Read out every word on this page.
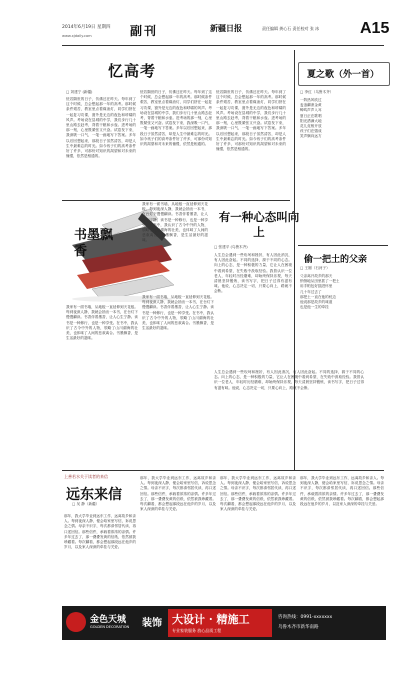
2014年6月19日 星期四 副刊	新疆日报	责任编辑 龚心石 责任校对 张 冰	A15
www.xjdaily.com
忆高考
□ 刘建宁 (新疆)
恍若隔世的日子，仿佛还在昨天。每年到了这个时候，总会想起那一年的高考。那时候条件艰苦，教室里点着煤油灯，同学们挤在一起复习功课，窗外是无边的夜色和呼啸的风声。考场设在县城的中学，我们步行几十里山路去赶考，背着干粮和水壶。进考场的那一刻，心里既紧张又兴奋。试卷发下来，我深吸一口气，一笔一画地写下答案。多年以后回想起来，那段日子虽然清苦，却是人生中最难忘的时光。如今孩子们的高考条件好了许多，可那份对知识的渴望和对未来的憧憬，依然是相通的。
恍若隔世的日子，仿佛还在昨天。每年到了这个时候，总会想起那一年的高考。那时候条件艰苦，教室里点着煤油灯，同学们挤在一起复习功课，窗外是无边的夜色和呼啸的风声。考场设在县城的中学，我们步行几十里山路去赶考，背着干粮和水壶。进考场的那一刻，心里既紧张又兴奋。试卷发下来，我深吸一口气，一笔一画地写下答案。多年以后回想起来，那段日子虽然清苦，却是人生中最难忘的时光。如今孩子们的高考条件好了许多，可那份对知识的渴望和对未来的憧憬，依然是相通的。
恍若隔世的日子，仿佛还在昨天。每年到了这个时候，总会想起那一年的高考。那时候条件艰苦，教室里点着煤油灯，同学们挤在一起复习功课，窗外是无边的夜色和呼啸的风声。考场设在县城的中学，我们步行几十里山路去赶考，背着干粮和水壶。进考场的那一刻，心里既紧张又兴奋。试卷发下来，我深吸一口气，一笔一画地写下答案。多年以后回想起来，那段日子虽然清苦，却是人生中最难忘的时光。如今孩子们的高考条件好了许多，可那份对知识的渴望和对未来的憧憬，依然是相通的。
书墨飘香
我家有一面书墙，从地板一直延伸到天花板。每到夜深人静，我就会抽出一本书，在台灯下慢慢翻读。书香伴着墨香，让人心生宁静。读书是一种修行，也是一种享受。在书中，我认识了古今中外的人物，领略了山川湖海的壮美，也体味了人间的悲欢离合。书墨飘香，是生活最好的滋味。
我家有一面书墙，从地板一直延伸到天花板。每到夜深人静，我就会抽出一本书，在台灯下慢慢翻读。书香伴着墨香，让人心生宁静。读书是一种修行，也是一种享受。在书中，我认识了古今中外的人物，领略了山川湖海的壮美，也体味了人间的悲欢离合。书墨飘香，是生活最好的滋味。
我家有一面书墙，从地板一直延伸到天花板。每到夜深人静，我就会抽出一本书，在台灯下慢慢翻读。书香伴着墨香，让人心生宁静。读书是一种修行，也是一种享受。在书中，我认识了古今中外的人物，领略了山川湖海的壮美，也体味了人间的悲欢离合。书墨飘香，是生活最好的滋味。
有一种心态叫向上
□ 张建平 (乌鲁木齐)
人生总会遇到一些坎坷和挫折，有人因此消沉，有人因此奋起。不同的选择，源于不同的心态。向上的心态，是一种积极的力量，它让人在困境中看到希望，在失败中汲取经验。我曾认识一位老人，年轻时历经磨难，却始终保持乐观，每天清晨坚持锻炼，读书写字，把日子过得有滋有味。他说，心态决定一切，只要心向上，路就不会断。
人生总会遇到一些坎坷和挫折，有人因此消沉，有人因此奋起。不同的选择，源于不同的心态。向上的心态，是一种积极的力量，它让人在困境中看到希望，在失败中汲取经验。我曾认识一位老人，年轻时历经磨难，却始终保持乐观，每天清晨坚持锻炼，读书写字，把日子过得有滋有味。他说，心态决定一切，只要心向上，路就不会断。
夏之歌（外一首）
□ 李红（乌鲁木齐）
一阵热风吹过
麦浪翻滚金黄
蝉鸣声声入耳
夏日正在歌唱
阳光洒满大地
花儿竞相开放
孩子们在嬉戏
笑声飘向远方
偷一把土的父亲
□ 王刚（石河子）
父亲离开故乡的那天
悄悄地从田里抓了一把土
用手帕包好揣进怀里
几十年过去了
那把土一直在他的枕边
他说那是故乡的味道
也是他一生的牵挂
上善若水关于读者的来信
远东来信
□ 吴 静（新疆）
那年，我大学毕业到远东工作，远离故乡和亲人。每到夜深人静，便会给家里写信，诉说思念之情。母亲不识字，每次都请邻居代读，再口述回信。那些信件，承载着浓浓的亲情。许多年过去了，那一叠叠发黄的信纸，依然被我珍藏着。每次翻看，都会想起那段远在他乡的岁月，以及家人深深的牵挂与关爱。
那年，我大学毕业到远东工作，远离故乡和亲人。每到夜深人静，便会给家里写信，诉说思念之情。母亲不识字，每次都请邻居代读，再口述回信。那些信件，承载着浓浓的亲情。许多年过去了，那一叠叠发黄的信纸，依然被我珍藏着。每次翻看，都会想起那段远在他乡的岁月，以及家人深深的牵挂与关爱。
那年，我大学毕业到远东工作，远离故乡和亲人。每到夜深人静，便会给家里写信，诉说思念之情。母亲不识字，每次都请邻居代读，再口述回信。那些信件，承载着浓浓的亲情。许多年过去了，那一叠叠发黄的信纸，依然被我珍藏着。每次翻看，都会想起那段远在他乡的岁月，以及家人深深的牵挂与关爱。
那年，我大学毕业到远东工作，远离故乡和亲人。每到夜深人静，便会给家里写信，诉说思念之情。母亲不识字，每次都请邻居代读，再口述回信。那些信件，承载着浓浓的亲情。许多年过去了，那一叠叠发黄的信纸，依然被我珍藏着。每次翻看，都会想起那段远在他乡的岁月，以及家人深深的牵挂与关爱。
金色天城
GOLDEN DECORATION 装饰 大设计 · 精施工
专业家装服务 放心品质工程
咨询热线：0991-xxxxxxx
乌鲁木齐市新华南路
